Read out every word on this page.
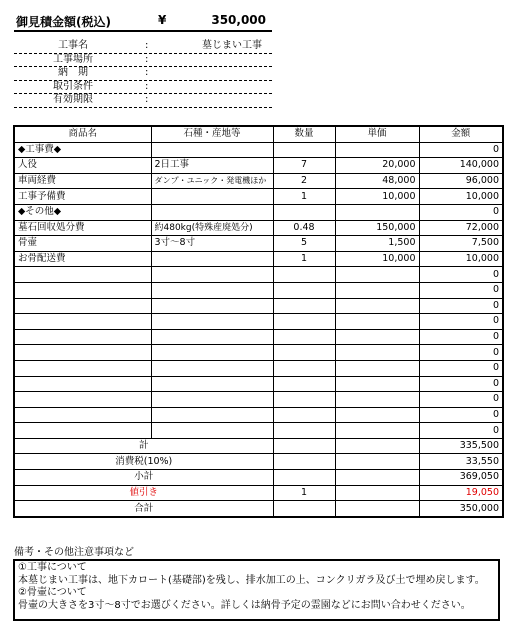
御見積金額(税込)	¥	350,000
工事名	:	墓じまい工事
工事場所	:
納　期	:
取引条件	:
有効期限	:
商品名	石種・産地等	数量	単価	金額
◆工事費◆				0
人役	2日工事	7	20,000	140,000
車両経費	ダンプ・ユニック・発電機ほか	2	48,000	96,000
工事予備費		1	10,000	10,000
◆その他◆				0
墓石回収処分費	約480kg(特殊産廃処分)	0.48	150,000	72,000
骨壷	3寸～8寸	5	1,500	7,500
お骨配送費		1	10,000	10,000
				0
				0
				0
				0
				0
				0
				0
				0
				0
				0
				0
計				335,500
消費税(10%)				33,550
小計				369,050
値引き		1		19,050
合計				350,000
備考・その他注意事項など
①工事について
本墓じまい工事は、地下カロート(基礎部)を残し、排水加工の上、コンクリガラ及び土で埋め戻します。
②骨壷について
骨壷の大きさを3寸～8寸でお選びください。詳しくは納骨予定の霊園などにお問い合わせください。
